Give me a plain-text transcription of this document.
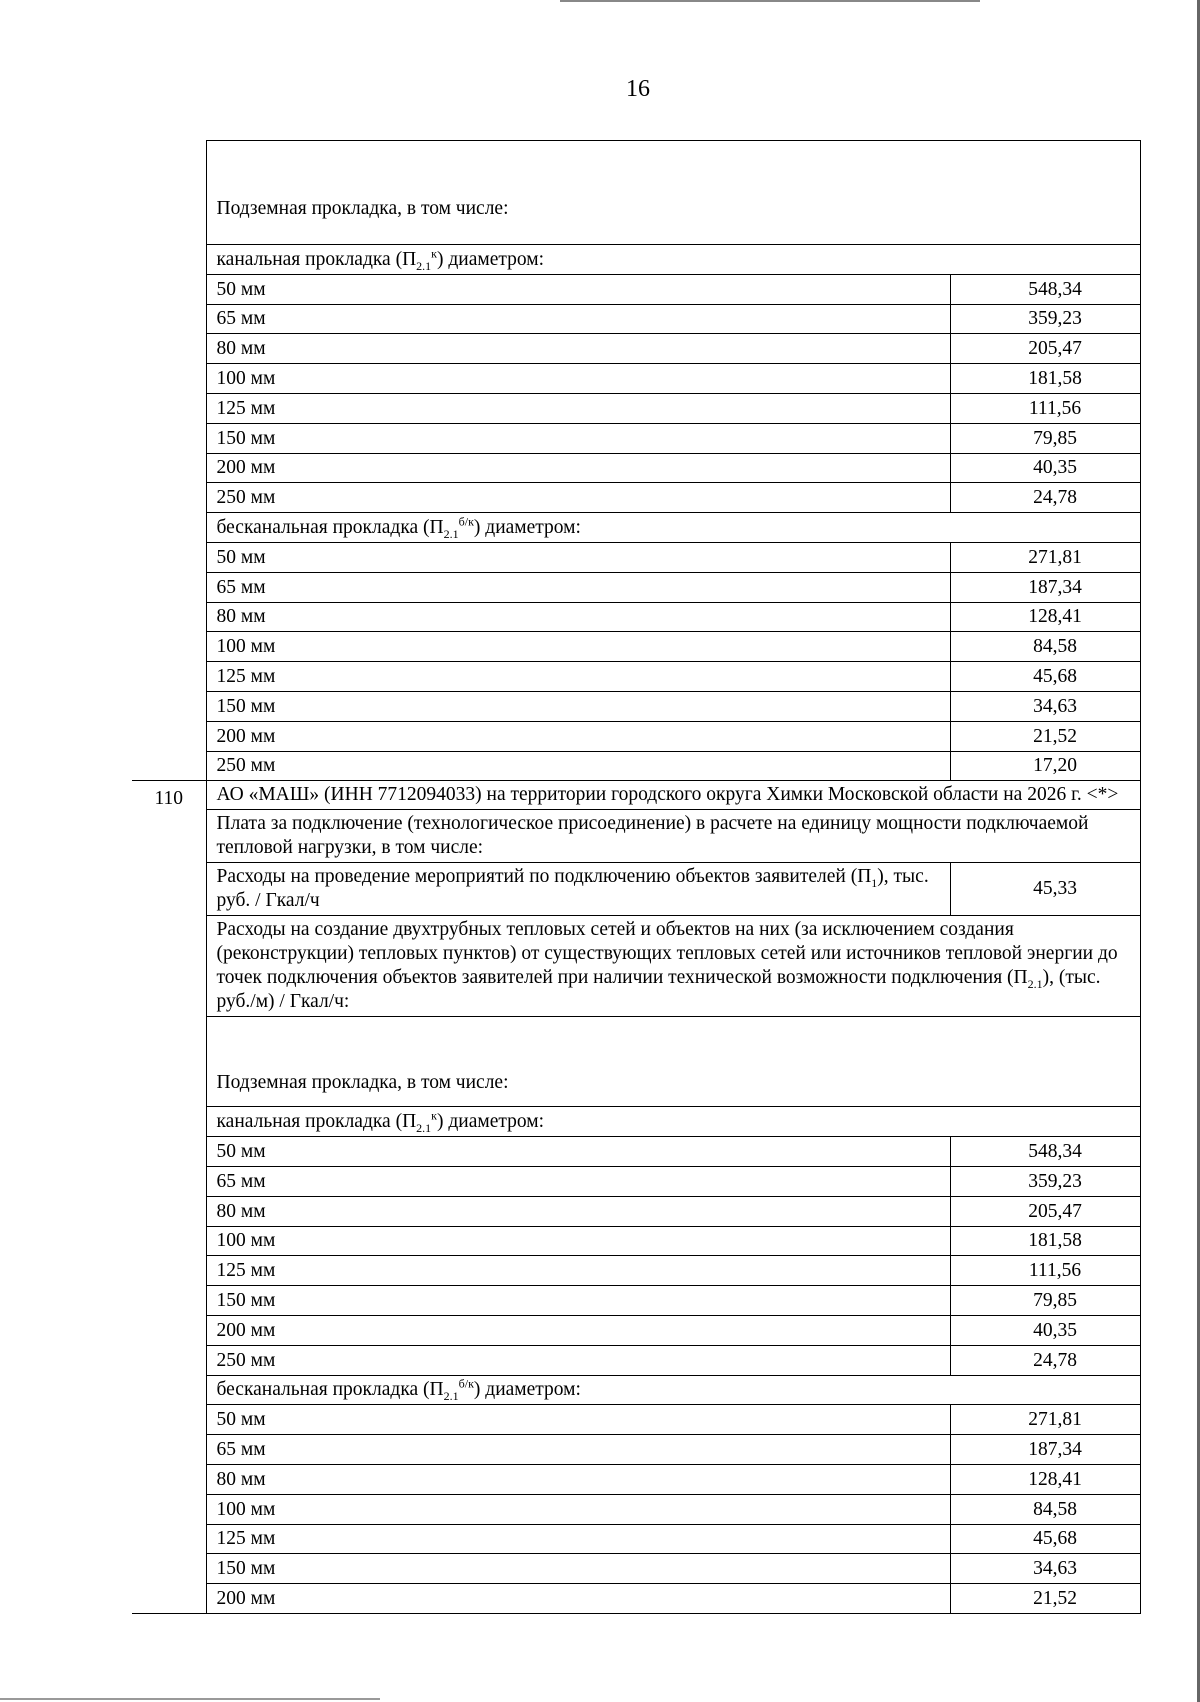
16
	Подземная прокладка, в том числе:	
	канальная прокладка $(П_{2.1}^к)$ диаметром:	
	50 мм	548,34
	65 мм	359,23
	80 мм	205,47
	100 мм	181,58
	125 мм	111,56
	150 мм	79,85
	200 мм	40,35
	250 мм	24,78
	бесканальная прокладка $(П_{2.1}^{б/к})$ диаметром:	
	50 мм	271,81
	65 мм	187,34
	80 мм	128,41
	100 мм	84,58
	125 мм	45,68
	150 мм	34,63
	200 мм	21,52
	250 мм	17,20
110	АО «МАШ» (ИНН 7712094033) на территории городского округа Химки Московской области на 2026 г. <*>	
	Плата за подключение (технологическое присоединение) в расчете на единицу мощности подключаемой тепловой нагрузки, в том числе:	
	Расходы на проведение мероприятий по подключению объектов заявителей $(П_1)$, тыс. руб. / Гкал/ч	45,33
	Расходы на создание двухтрубных тепловых сетей и объектов на них (за исключением создания (реконструкции) тепловых пунктов) от существующих тепловых сетей или источников тепловой энергии до точек подключения объектов заявителей при наличии технической возможности подключения $(П_{2.1})$, (тыс. руб./м) / Гкал/ч:	
	Подземная прокладка, в том числе:	
	канальная прокладка $(П_{2.1}^к)$ диаметром:	
	50 мм	548,34
	65 мм	359,23
	80 мм	205,47
	100 мм	181,58
	125 мм	111,56
	150 мм	79,85
	200 мм	40,35
	250 мм	24,78
	бесканальная прокладка $(П_{2.1}^{б/к})$ диаметром:	
	50 мм	271,81
	65 мм	187,34
	80 мм	128,41
	100 мм	84,58
	125 мм	45,68
	150 мм	34,63
	200 мм	21,52
